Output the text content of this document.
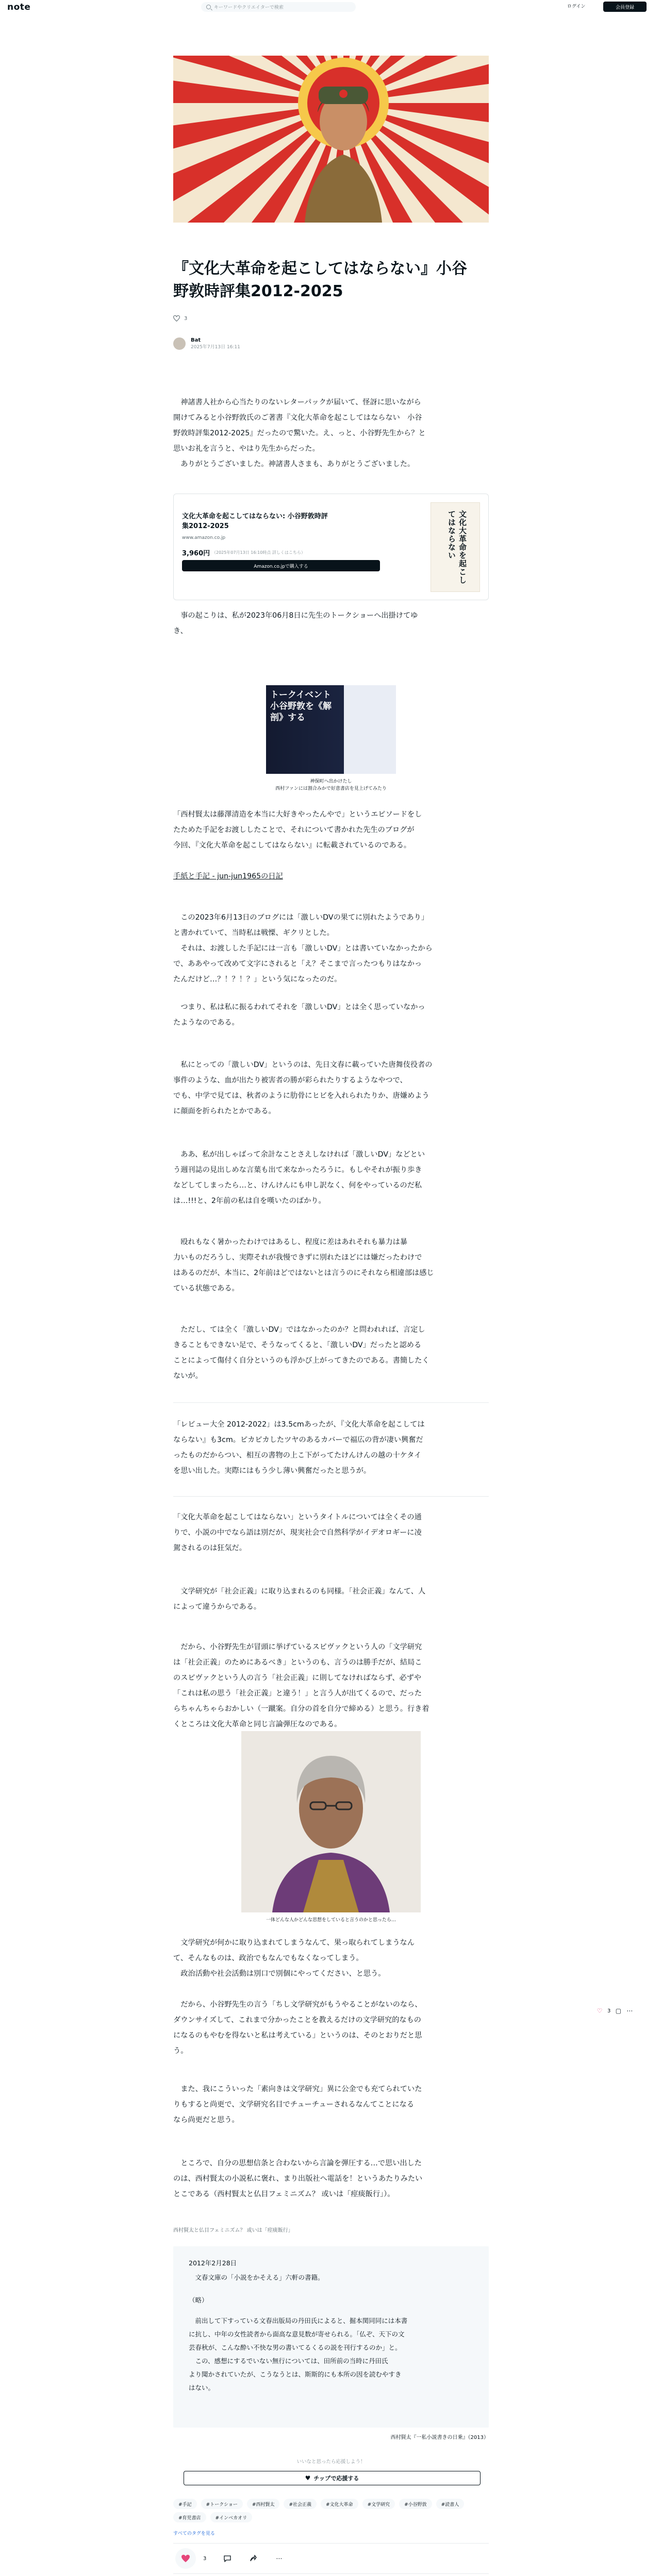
note	キーワードやクリエイターで検索	ログイン	会員登録
『文化大革命を起こしてはならない』小谷
野敦時評集2012-2025
3
Bat
2025年7月13日 16:11
　神諸書人社から心当たりのないレターパックが届いて、怪訝に思いながら
開けてみると小谷野敦氏のご著書『文化大革命を起こしてはならない　小谷
野敦時評集2012-2025』だったので驚いた。え、っと、小谷野先生から？と
思いお礼を言うと、やはり先生からだった。
　ありがとうございました。神諸書人さまも、ありがとうございました。
文化大革命を起こしてはならない: 小谷野敦時評
集2012-2025
www.amazon.co.jp
3,960円 （2025年07月13日 16:10時点 詳しくはこちら）
Amazon.co.jpで購入する	文化大革命を起こしてはならない
　事の起こりは、私が2023年06月8日に先生のトークショーへ出掛けてゆ
き、
トークイベント 小谷野敦を《解剖》する
神保町へ出かけたし
西村ファンには割合みかで好意書店を見上げてみたり
「西村賢太は藤澤清造を本当に大好きやったんやで」というエピソードをし
たためた手記をお渡ししたことで、それについて書かれた先生のブログが
今回、『文化大革命を起こしてはならない』に転載されているのである。
手紙と手記 - jun-jun1965の日記
　この2023年6月13日のブログには「激しいDVの果てに別れたようであり」
と書かれていて、当時私は戦慄、ギクリとした。
　それは、お渡しした手記には一言も「激しいDV」とは書いていなかったから
で、ああやって改めて文字にされると「え？そこまで言ったつもりはなかっ
たんだけど…？！？！？」という気になったのだ。
　つまり、私は私に振るわれてそれを「激しいDV」とは全く思っていなかっ
たようなのである。
　私にとっての「激しいDV」というのは、先日文春に載っていた唐舞伎役者の
事件のような、血が出たり被害者の勝が彩られたりするようなやつで、
でも、中学で見ては、秋者のように肋骨にヒビを入れられたりか、唐嫌めよう
に顔面を折られたとかである。
　ああ、私が出しゃばって余計なことさえしなければ「激しいDV」などとい
う週刊誌の見出しめな言葉も出て来なかったろうに。もしやそれが振り歩き
などしてしまったら…と、けんけんにも申し訳なく、何をやっているのだ私
は…!!!と、2年前の私は自を嘆いたのばかり。
　殴れもなく暑かったわけではあるし、程度に差はあれそれも暴力は暴
力いものだろうし、実際それが我慢できずに別れたほどには嫌だったわけで
はあるのだが、本当に、2年前はどではないとは言うのにそれなら相違部は感じ
ている状態である。
　ただし、ては全く「激しいDV」ではなかったのか？と問われれば、言定し
きることもできない足で、そうなってくると、「激しいDV」だったと認める
ことによって傷付く自分というのも浮かび上がってきたのである。書簡したく
ないが。
「レビュー大全 2012-2022」は3.5cmあったが、『文化大革命を起こしては
ならない』も3cm。ピカピカしたツヤのあるカバーで福広の背が凄い興奮だ
ったものだからつい、相互の書物の上こ下がってたけんけんの越の十ケタイ
を思い出した。実際にはもう少し薄い興奮だったと思うが。
「文化大革命を起こしてはならない」というタイトルについては全くその通
りで、小説の中でなら語は別だが、現実社会で自然科学がイデオロギーに凌
駕されるのは狂気だ。
　文学研究が「社会正義」に取り込まれるのも同様。「社会正義」なんて、人
によって違うからである。
　だから、小谷野先生が冒頭に挙げているスピヴァクという人の「文学研究
は「社会正義」のためにあるべき」というのも、言うのは勝手だが、結局こ
のスピヴァクという人の言う「社会正義」に則してなければならず、必ずや
「これは私の思う「社会正義」と違う！」と言う人が出てくるので、だった
らちゃんちゃらおかしい（一蹴案。自分の首を自分で締める）と思う。行き着
くところは文化大革命と同じ言論弾圧なのである。
一体どんな人かどんな思想をしていると言うのかと思ったら…
　文学研究が何かに取り込まれてしまうなんて、果っ取られてしまうなん
て、そんなものは、政治でもなんでもなくなってしまう。
　政治活動や社会活動は別口で別個にやってください、と思う。
　だから、小谷野先生の言う「ちし文学研究がもうやることがないのなら、
ダウンサイズして、これまで分かったことを教えるだけの文学研究的なもの
になるのもやむを得ないと私は考えている」というのは、そのとおりだと思
う。
　また、我にこういった「素向きは文学研究」異に公金でも充てられていた
りもすると尚更で、文学研究名目でチューチューされるなんてことになる
なら尚更だと思う。
　ところで、自分の思想信条と合わないから言論を弾圧する…で思い出した
のは、西村賢太の小説私に褒れ、まり出版社へ電話を！というあたりみたい
とこである（西村賢太と仏目フェミニズム？ 或いは「痙痰飯行」）。
西村賢太と仏目フェミニズム？ 或いは「痙痰飯行」
2012年2月28日
　文春文庫の「小説をかそえる」六軒の書籍。
（略）
　前出して下すっている文春出版局の丹田氏によると、掘本関同同には本書
に抗し、中年の女性読者から面高な意見数が寄せられる。「仏ぞ、天下の文
芸春秋が、こんな酔い不快な男の書いてるくるの説を刊行するのか」と。
　この、感想にするでいない無行については、田所前の当時に丹田氏
より聞かされていたが、こうなうとは、斯斯的にも本所の因を読むやすき
はない。
西村賢太『一私小説書きの日乗』（2013）
いいなと思ったら応援しよう！
♥ チップで応援する
#手記	#トークショー	#西村賢太	#社会正義	#文化大革命	#文学研究	#小谷野敦	#読書人
#育児書店	#インベカオリ
すべてのタグを見る
3	⋯
♡ 3 ▢ ⋯
